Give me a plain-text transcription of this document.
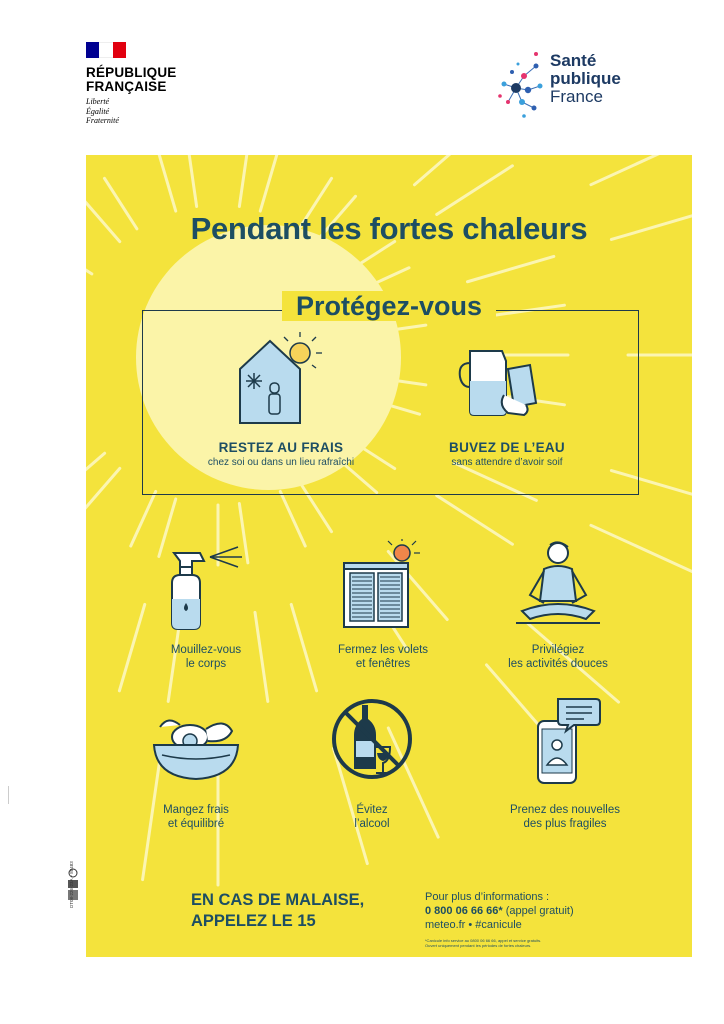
RÉPUBLIQUE
FRANÇAISE
Liberté
Égalité
Fraternité
Santé
publique
France
Pendant les fortes chaleurs
Protégez-vous
RESTEZ AU FRAIS
chez soi ou dans un lieu rafraîchi
BUVEZ DE L’EAU
sans attendre d’avoir soif
Mouillez-vous
le corps
Fermez les volets
et fenêtres
Privilégiez
les activités douces
Mangez frais
et équilibré
Évitez
l’alcool
Prenez des nouvelles
des plus fragiles
EN CAS DE MALAISE,
APPELEZ LE 15
Pour plus d’informations :
0 800 06 66 66* (appel gratuit)
meteo.fr • #canicule
*Canicule info service au 0800 06 66 66, appel et service gratuits.
Ouvert uniquement pendant les périodes de fortes chaleurs.
DT08-226-23A – 88483
